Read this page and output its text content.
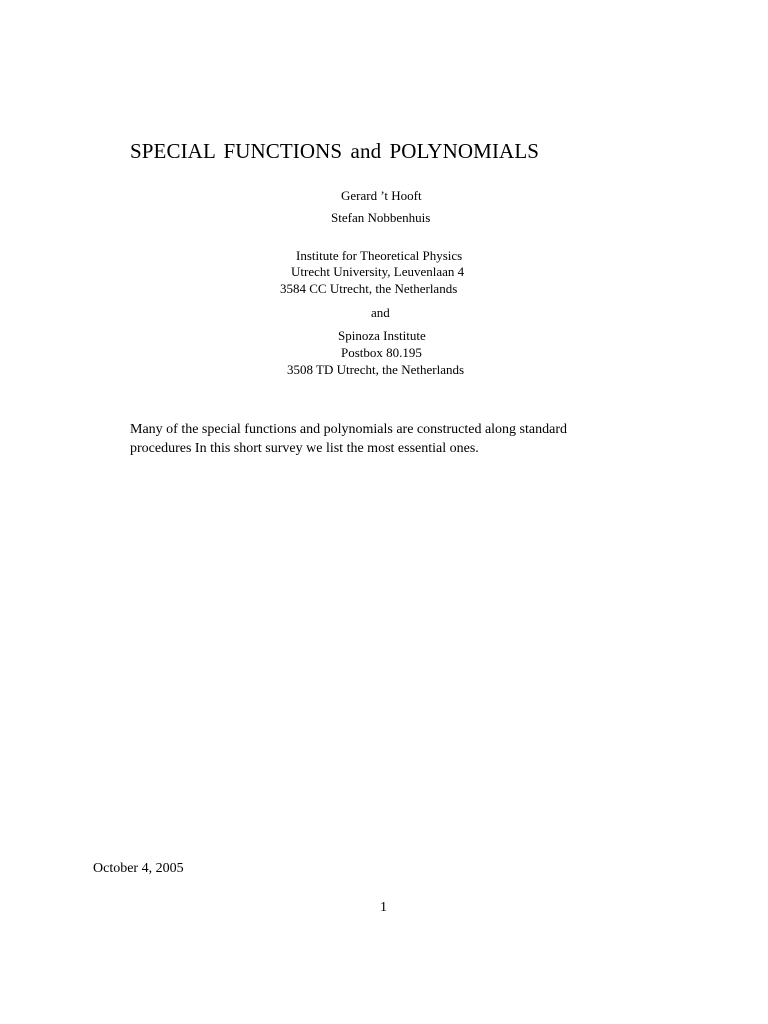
SPECIAL FUNCTIONS and POLYNOMIALS
Gerard ’t Hooft
Stefan Nobbenhuis
Institute for Theoretical Physics
Utrecht University, Leuvenlaan 4
3584 CC Utrecht, the Netherlands
and
Spinoza Institute
Postbox 80.195
3508 TD Utrecht, the Netherlands
Many of the special functions and polynomials are constructed along standard
procedures In this short survey we list the most essential ones.
October 4, 2005
1
